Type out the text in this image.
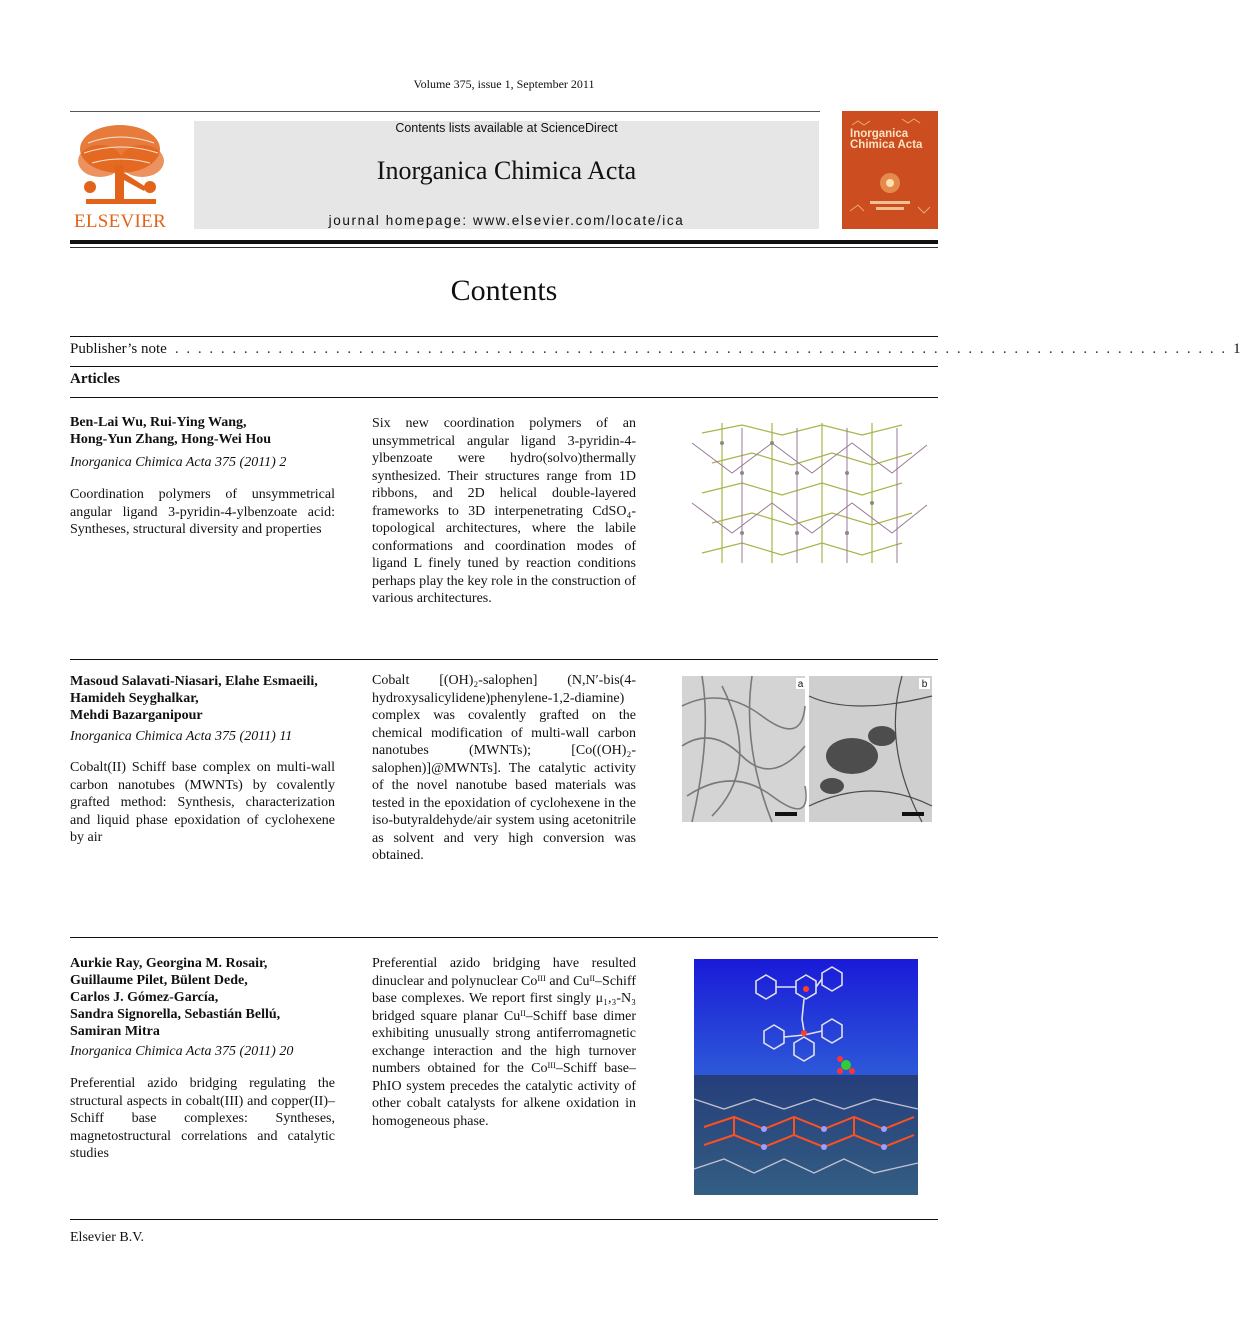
Volume 375, issue 1, September 2011
ELSEVIER
Contents lists available at ScienceDirect
Inorganica Chimica Acta
journal homepage: www.elsevier.com/locate/ica
Inorganica
Chimica Acta
Contents
Publisher’s note . . . . . . . . . . . . . . . . . . . . . . . . . . . . . . . . . . . . . . . . . . . . . . . . . . . . . . . . . . . . . . . . . . . . . . . . . . . . . . . . . . . . . . . . . . . . 1
Articles
Ben-Lai Wu, Rui-Ying Wang,
Hong-Yun Zhang, Hong-Wei Hou
Inorganica Chimica Acta 375 (2011) 2
Coordination polymers of unsymmetrical angular ligand 3-pyridin-4-ylbenzoate acid: Syntheses, structural diversity and properties
Six new coordination polymers of an unsymmetrical angular ligand 3-pyridin-4-ylbenzoate were hydro(solvo)thermally synthesized. Their structures range from 1D ribbons, and 2D helical double-layered frameworks to 3D interpenetrating CdSO₄-topological architectures, where the labile conformations and coordination modes of ligand L finely tuned by reaction conditions perhaps play the key role in the construction of various architectures.
Masoud Salavati-Niasari, Elahe Esmaeili,
Hamideh Seyghalkar,
Mehdi Bazarganipour
Inorganica Chimica Acta 375 (2011) 11
Cobalt(II) Schiff base complex on multi-wall carbon nanotubes (MWNTs) by covalently grafted method: Synthesis, characterization and liquid phase epoxidation of cyclohexene by air
Cobalt [(OH)₂-salophen] (N,N′-bis(4-hydroxysalicylidene)phenylene-1,2-diamine) complex was covalently grafted on the chemical modification of multi-wall carbon nanotubes (MWNTs); [Co((OH)₂-salophen)]@MWNTs]. The catalytic activity of the novel nanotube based materials was tested in the epoxidation of cyclohexene in the iso-butyraldehyde/air system using acetonitrile as solvent and very high conversion was obtained.
a	b
Aurkie Ray, Georgina M. Rosair,
Guillaume Pilet, Bülent Dede,
Carlos J. Gómez-García,
Sandra Signorella, Sebastián Bellú,
Samiran Mitra
Inorganica Chimica Acta 375 (2011) 20
Preferential azido bridging regulating the structural aspects in cobalt(III) and copper(II)–Schiff base complexes: Syntheses, magnetostructural correlations and catalytic studies
Preferential azido bridging have resulted dinuclear and polynuclear Coᴵᴵᴵ and Cuᴵᴵ–Schiff base complexes. We report first singly μ₁,₃-N₃ bridged square planar Cuᴵᴵ–Schiff base dimer exhibiting unusually strong antiferromagnetic exchange interaction and the high turnover numbers obtained for the Coᴵᴵᴵ–Schiff base–PhIO system precedes the catalytic activity of other cobalt catalysts for alkene oxidation in homogeneous phase.
Elsevier B.V.
